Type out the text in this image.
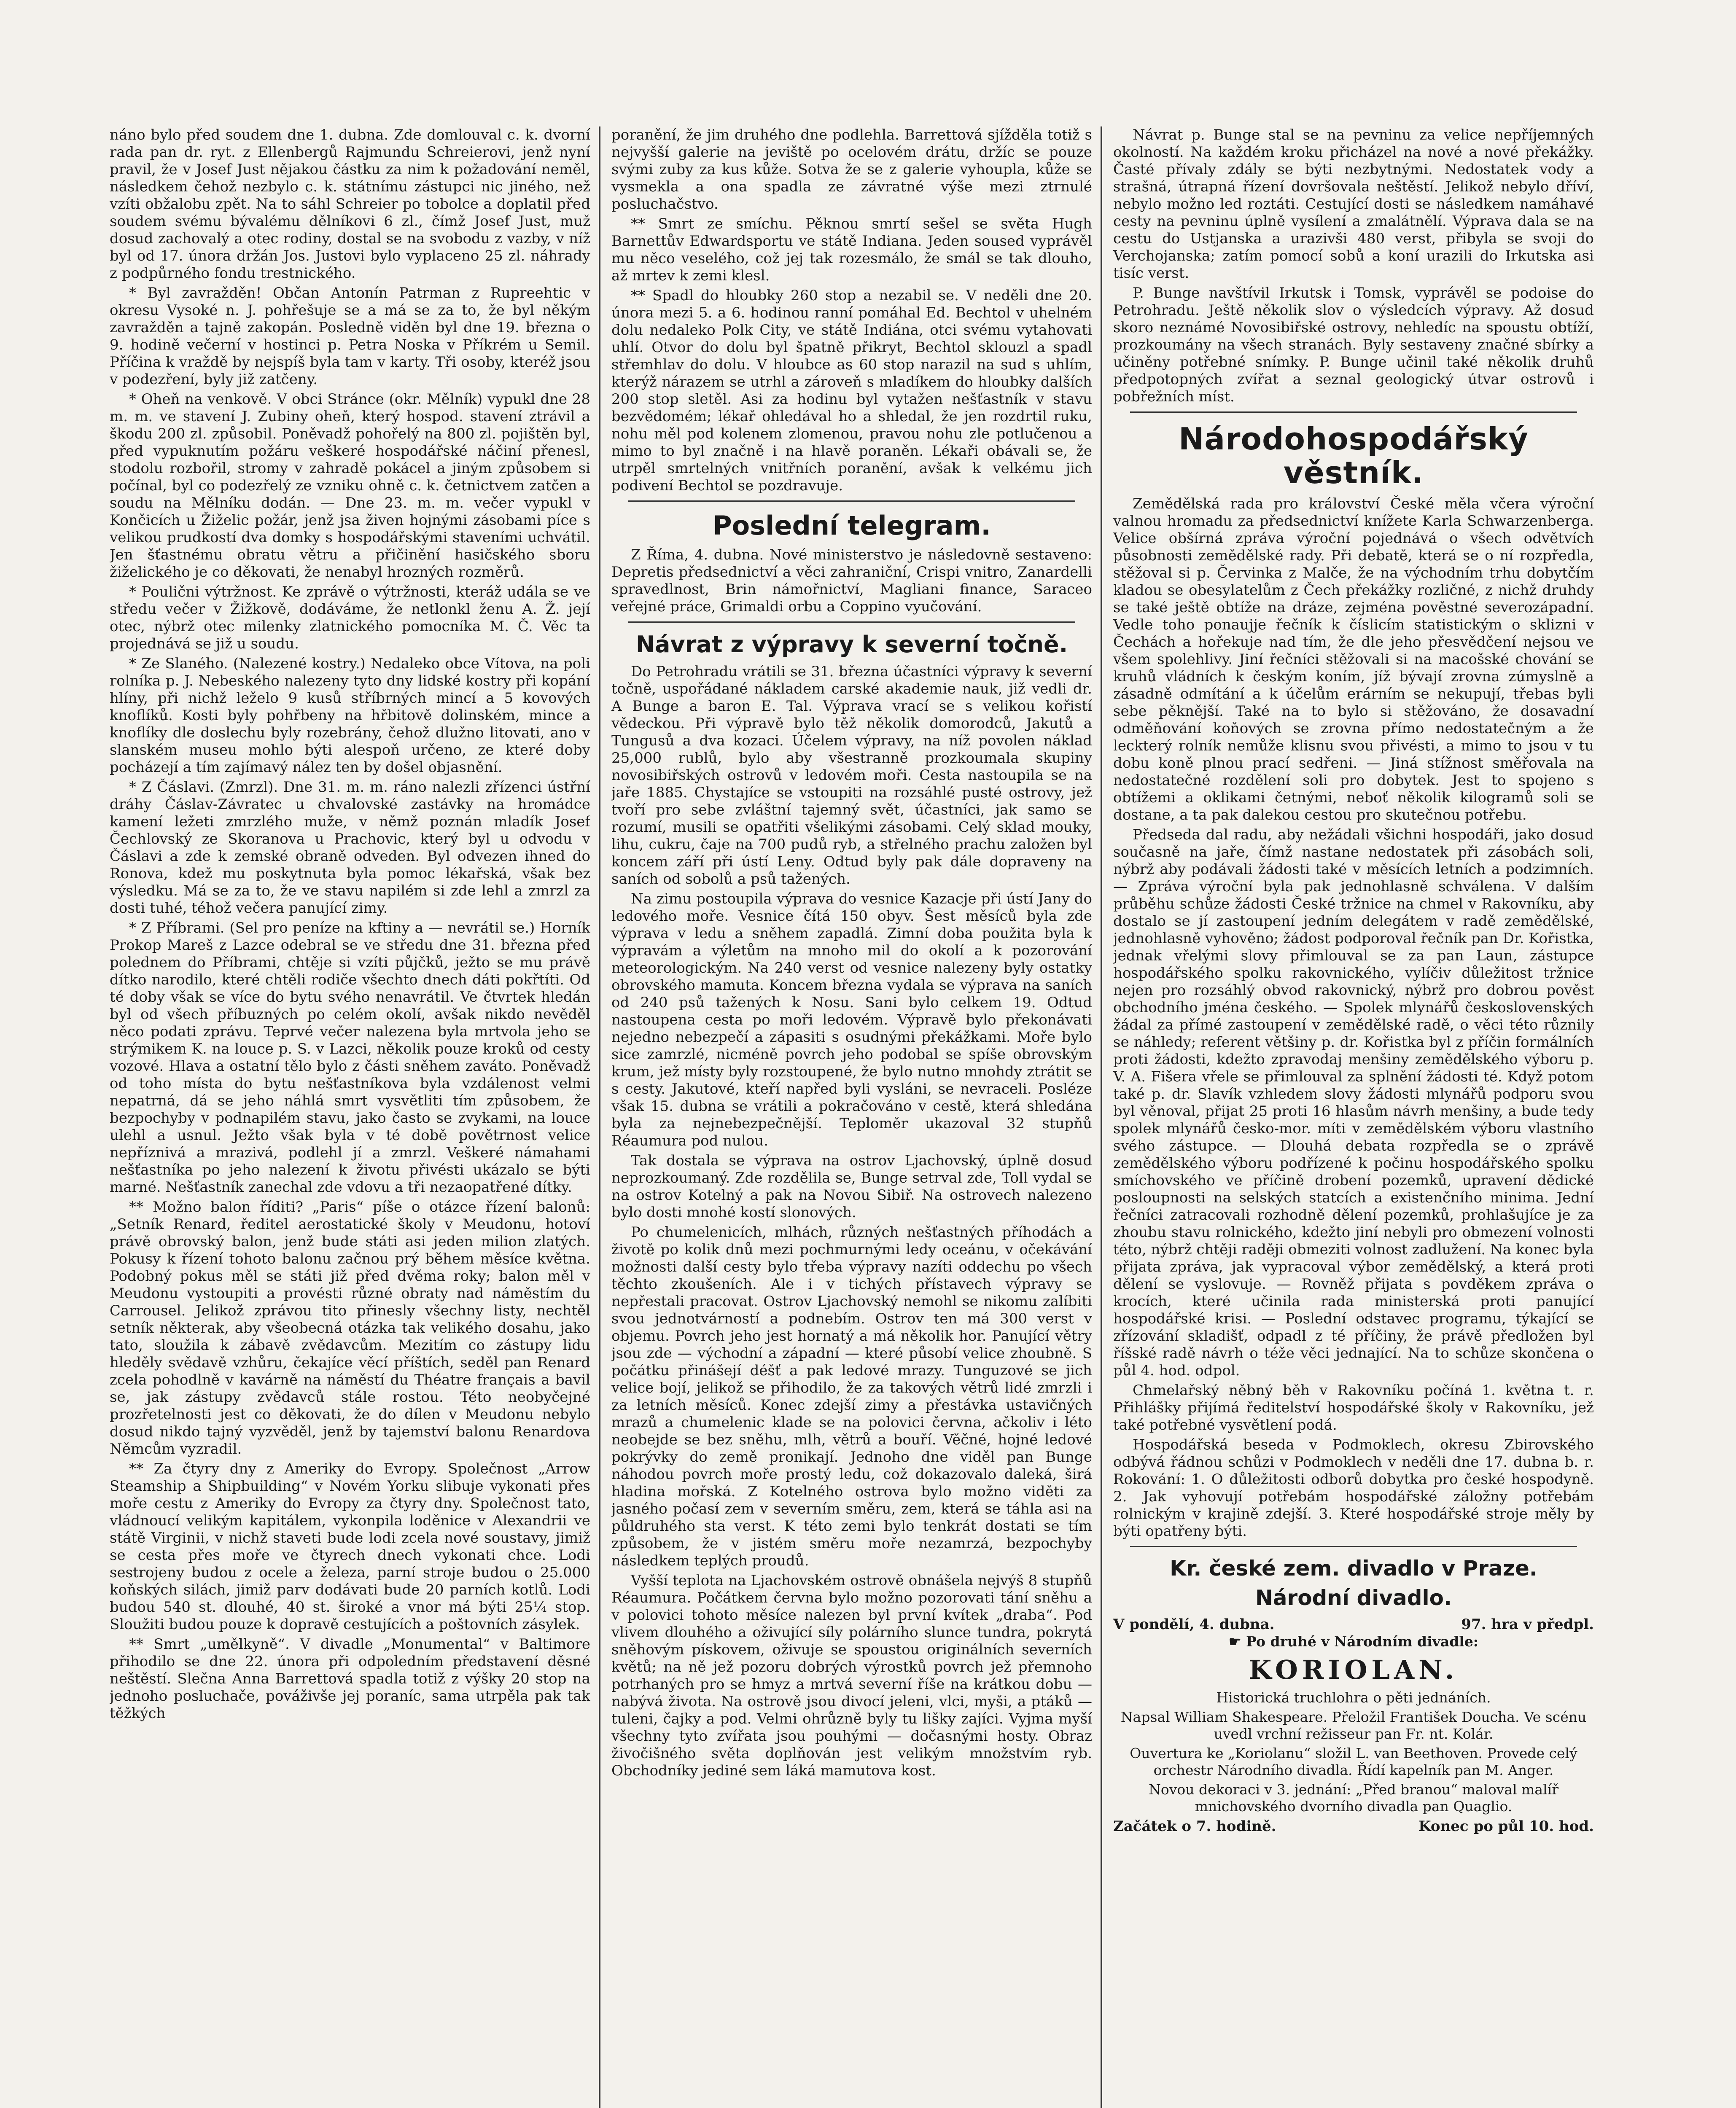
náno bylo před soudem dne 1. dubna. Zde domlouval c. k. dvorní rada pan dr. ryt. z Ellenbergů Rajmundu Schreierovi, jenž nyní pravil, že v Josef Just nějakou částku za nim k požadování neměl, následkem čehož nezbylo c. k. státnímu zástupci nic jiného, než vzíti obžalobu zpět. Na to sáhl Schreier po tobolce a doplatil před soudem svému bývalému dělníkovi 6 zl., čímž Josef Just, muž dosud zachovalý a otec rodiny, dostal se na svobodu z vazby, v níž byl od 17. února držán Jos. Justovi bylo vyplaceno 25 zl. náhrady z podpůrného fondu trestnického.

* Byl zavražděn! Občan Antonín Patrman z Rupreehtic v okresu Vysoké n. J. pohřešuje se a má se za to, že byl někým zavražděn a tajně zakopán. Posledně viděn byl dne 19. března o 9. hodině večerní v hostinci p. Petra Noska v Příkrém u Semil. Příčina k vraždě by nejspíš byla tam v karty. Tři osoby, kteréž jsou v podezření, byly již zatčeny.

* Oheň na venkově. V obci Stránce (okr. Mělník) vypukl dne 28 m. m. ve stavení J. Zubiny oheň, který hospod. stavení ztrávil a škodu 200 zl. způsobil. Poněvadž pohořelý na 800 zl. pojištěn byl, před vypuknutím požáru veškeré hospodářské náčiní přenesl, stodolu rozbořil, stromy v zahradě pokácel a jiným způsobem si počínal, byl co podezřelý ze vzniku ohně c. k. četnictvem zatčen a soudu na Mělníku dodán. — Dne 23. m. m. večer vypukl v Končicích u Žiželic požár, jenž jsa živen hojnými zásobami píce s velikou prudkostí dva domky s hospodářskými staveními uchvátil. Jen šťastnému obratu větru a přičinění hasičského sboru žiželického je co děkovati, že nenabyl hrozných rozměrů.

* Poulični výtržnost. Ke zprávě o výtržnosti, kteráž udála se ve středu večer v Žižkově, dodáváme, že netlonkl ženu A. Ž. její otec, nýbrž otec milenky zlatnického pomocníka M. Č. Věc ta projednává se již u soudu.

* Ze Slaného. (Nalezené kostry.) Nedaleko obce Vítova, na poli rolníka p. J. Nebeského nalezeny tyto dny lidské kostry při kopání hlíny, při nichž leželo 9 kusů stříbrných mincí a 5 kovových knoflíků. Kosti byly pohřbeny na hřbitově dolinském, mince a knoflíky dle doslechu byly rozebrány, čehož dlužno litovati, ano v slanském museu mohlo býti alespoň určeno, ze které doby pocházejí a tím zajímavý nález ten by došel objasnění.

* Z Čáslavi. (Zmrzl). Dne 31. m. m. ráno nalezli zřízenci ústřní dráhy Čáslav-Závratec u chvalovské zastávky na hromádce kamení ležeti zmrzlého muže, v němž poznán mladík Josef Čechlovský ze Skoranova u Prachovic, který byl u odvodu v Čáslavi a zde k zemské obraně odveden. Byl odvezen ihned do Ronova, kdež mu poskytnuta byla pomoc lékařská, však bez výsledku. Má se za to, že ve stavu napilém si zde lehl a zmrzl za dosti tuhé, téhož večera panující zimy.

* Z Příbrami. (Sel pro peníze na kftiny a — nevrátil se.) Horník Prokop Mareš z Lazce odebral se ve středu dne 31. března před polednem do Příbrami, chtěje si vzíti půjčků, ježto se mu právě dítko narodilo, které chtěli rodiče všechto dnech dáti pokřtíti. Od té doby však se více do bytu svého nenavrátil. Ve čtvrtek hledán byl od všech příbuzných po celém okolí, avšak nikdo nevěděl něco podati zprávu. Teprvé večer nalezena byla mrtvola jeho se strýmikem K. na louce p. S. v Lazci, několik pouze kroků od cesty vozové. Hlava a ostatní tělo bylo z části sněhem zaváto. Poněvadž od toho místa do bytu nešťastníkova byla vzdálenost velmi nepatrná, dá se jeho náhlá smrt vysvětliti tím způsobem, že bezpochyby v podnapilém stavu, jako často se zvykami, na louce ulehl a usnul. Ježto však byla v té době povětrnost velice nepříznivá a mrazivá, podlehl jí a zmrzl. Veškeré námahami nešťastníka po jeho nalezení k životu přivésti ukázalo se býti marné. Nešťastník zanechal zde vdovu a tři nezaopatřené dítky.

** Možno balon říditi? „Paris“ píše o otázce řízení balonů: „Setník Renard, ředitel aerostatické školy v Meudonu, hotoví právě obrovský balon, jenž bude státi asi jeden milion zlatých. Pokusy k řízení tohoto balonu začnou prý během měsíce května. Podobný pokus měl se státi již před dvěma roky; balon měl v Meudonu vystoupiti a provésti různé obraty nad náměstím du Carrousel. Jelikož zprávou tito přinesly všechny listy, nechtěl setník některak, aby všeobecná otázka tak velikého dosahu, jako tato, sloužila k zábavě zvědavcům. Mezitím co zástupy lidu hleděly svědavě vzhůru, čekajíce věcí příštích, seděl pan Renard zcela pohodlně v kavárně na náměstí du Théatre français a bavil se, jak zástupy zvědavců stále rostou. Této neobyčejné prozřetelnosti jest co děkovati, že do dílen v Meudonu nebylo dosud nikdo tajný vyzvěděl, jenž by tajemství balonu Renardova Němcům vyzradil.

** Za čtyry dny z Ameriky do Evropy. Společnost „Arrow Steamship a Shipbuilding“ v Novém Yorku slibuje vykonati přes moře cestu z Ameriky do Evropy za čtyry dny. Společnost tato, vládnoucí velikým kapitálem, vykonpila loděnice v Alexandrii ve státě Virginii, v nichž staveti bude lodi zcela nové soustavy, jimiž se cesta přes moře ve čtyrech dnech vykonati chce. Lodi sestrojeny budou z ocele a železa, parní stroje budou o 25.000 koňských silách, jimiž parv dodávati bude 20 parních kotlů. Lodi budou 540 st. dlouhé, 40 st. široké a vnor má býti 25¼ stop. Sloužiti budou pouze k dopravě cestujících a poštovních zásylek.

** Smrt „umělkyně“. V divadle „Monumental“ v Baltimore přihodilo se dne 22. února při odpoledním představení děsné neštěstí. Slečna Anna Barrettová spadla totiž z výšky 20 stop na jednoho posluchače, pováživše jej poraníc, sama utrpěla pak tak těžkých

poranění, že jim druhého dne podlehla. Barrettová sjížděla totiž s nejvyšší galerie na jeviště po ocelovém drátu, držíc se pouze svými zuby za kus kůže. Sotva že se z galerie vyhoupla, kůže se vysmekla a ona spadla ze závratné výše mezi ztrnulé posluchačstvo.

** Smrt ze smíchu. Pěknou smrtí sešel se světa Hugh Barnettův Edwardsportu ve státě Indiana. Jeden soused vyprávěl mu něco veselého, což jej tak rozesmálo, že smál se tak dlouho, až mrtev k zemi klesl.

** Spadl do hloubky 260 stop a nezabil se. V neděli dne 20. února mezi 5. a 6. hodinou ranní pomáhal Ed. Bechtol v uhelném dolu nedaleko Polk City, ve státě Indiána, otci svému vytahovati uhlí. Otvor do dolu byl špatně přikryt, Bechtol sklouzl a spadl střemhlav do dolu. V hloubce as 60 stop narazil na sud s uhlím, kterýž nárazem se utrhl a zároveň s mladíkem do hloubky dalších 200 stop sletěl. Asi za hodinu byl vytažen nešťastník v stavu bezvědomém; lékař ohledával ho a shledal, že jen rozdrtil ruku, nohu měl pod kolenem zlomenou, pravou nohu zle potlučenou a mimo to byl značně i na hlavě poraněn. Lékaři obávali se, že utrpěl smrtelných vnitřních poranění, avšak k velkému jich podivení Bechtol se pozdravuje.

Poslední telegram.

Z Říma, 4. dubna. Nové ministerstvo je následovně sestaveno: Depretis předsednictví a věci zahraniční, Crispi vnitro, Zanardelli spravedlnost, Brin námořnictví, Magliani finance, Saraceo veřejné práce, Grimaldi orbu a Coppino vyučování.

Návrat z výpravy k severní točně.

Do Petrohradu vrátili se 31. března účastníci výpravy k severní točně, uspořádané nákladem carské akademie nauk, již vedli dr. A Bunge a baron E. Tal. Výprava vrací se s velikou kořistí vědeckou. Při výpravě bylo těž několik domorodců, Jakutů a Tungusů a dva kozaci. Účelem výpravy, na níž povolen náklad 25,000 rublů, bylo aby všestranně prozkoumala skupiny novosibiřských ostrovů v ledovém moři. Cesta nastoupila se na jaře 1885. Chystajíce se vstoupiti na rozsáhlé pusté ostrovy, jež tvoří pro sebe zvláštní tajemný svět, účastníci, jak samo se rozumí, musili se opatřiti všelikými zásobami. Celý sklad mouky, lihu, cukru, čaje na 700 pudů ryb, a střelného prachu založen byl koncem září při ústí Leny. Odtud byly pak dále dopraveny na saních od sobolů a psů tažených.

Na zimu postoupila výprava do vesnice Kazacje při ústí Jany do ledového moře. Vesnice čítá 150 obyv. Šest měsíců byla zde výprava v ledu a sněhem zapadlá. Zimní doba použita byla k výpravám a výletům na mnoho mil do okolí a k pozorování meteorologickým. Na 240 verst od vesnice nalezeny byly ostatky obrovského mamuta. Koncem března vydala se výprava na saních od 240 psů tažených k Nosu. Sani bylo celkem 19. Odtud nastoupena cesta po moři ledovém. Výpravě bylo překonávati nejedno nebezpečí a zápasiti s osudnými překážkami. Moře bylo sice zamrzlé, nicméně povrch jeho podobal se spíše obrovským krum, jež místy byly rozstoupené, že bylo nutno mnohdy ztrátit se s cesty. Jakutové, kteří napřed byli vysláni, se nevraceli. Posléze však 15. dubna se vrátili a pokračováno v cestě, která shledána byla za nejnebezpečnější. Teploměr ukazoval 32 stupňů Réaumura pod nulou.

Tak dostala se výprava na ostrov Ljachovský, úplně dosud neprozkoumaný. Zde rozdělila se, Bunge setrval zde, Toll vydal se na ostrov Kotelný a pak na Novou Sibiř. Na ostrovech nalezeno bylo dosti mnohé kostí slonových.

Po chumelenicích, mlhách, různých nešťastných příhodách a životě po kolik dnů mezi pochmurnými ledy oceánu, v očekávání možnosti další cesty bylo třeba výpravy nazíti oddechu po všech těchto zkoušeních. Ale i v tichých přístavech výpravy se nepřestali pracovat. Ostrov Ljachovský nemohl se nikomu zalíbiti svou jednotvárností a podnebím. Ostrov ten má 300 verst v objemu. Povrch jeho jest hornatý a má několik hor. Panující větry jsou zde — východní a západní — které působí velice zhoubně. S počátku přinášejí déšť a pak ledové mrazy. Tunguzové se jich velice bojí, jelikož se přihodilo, že za takových větrů lidé zmrzli i za letních měsíců. Konec zdejší zimy a přestávka ustavičných mrazů a chumelenic klade se na polovici června, ačkoliv i léto neobejde se bez sněhu, mlh, větrů a bouří. Věčné, hojné ledové pokrývky do země pronikají. Jednoho dne viděl pan Bunge náhodou povrch moře prostý ledu, což dokazovalo daleká, širá hladina mořská. Z Kotelného ostrova bylo možno viděti za jasného počasí zem v severním směru, zem, která se táhla asi na půldruhého sta verst. K této zemi bylo tenkrát dostati se tím způsobem, že v jistém směru moře nezamrzá, bezpochyby následkem teplých proudů.

Vyšší teplota na Ljachovském ostrově obnášela nejvýš 8 stupňů Réaumura. Počátkem června bylo možno pozorovati tání sněhu a v polovici tohoto měsíce nalezen byl první kvítek „draba“. Pod vlivem dlouhého a oživující síly polárního slunce tundra, pokrytá sněhovým pískovem, oživuje se spoustou originálních severních květů; na ně jež pozoru dobrých výrostků povrch jež přemnoho potrhaných pro se hmyz a mrtvá severní říše na krátkou dobu — nabývá života. Na ostrově jsou divocí jeleni, vlci, myši, a ptáků — tuleni, čajky a pod. Velmi ohrůzně byly tu lišky zajíci. Vyjma myší všechny tyto zvířata jsou pouhými — dočasnými hosty. Obraz živočišného světa doplňován jest velikým množstvím ryb. Obchodníky jediné sem láká mamutova kost.

Návrat p. Bunge stal se na pevninu za velice nepříjemných okolností. Na každém kroku přicházel na nové a nové překážky. Časté přívaly zdály se býti nezbytnými. Nedostatek vody a strašná, útrapná řízení dovršovala neštěstí. Jelikož nebylo dříví, nebylo možno led roztáti. Cestující dosti se následkem namáhavé cesty na pevninu úplně vysílení a zmalátnělí. Výprava dala se na cestu do Ustjanska a urazivši 480 verst, přibyla se svoji do Verchojanska; zatím pomocí sobů a koní urazili do Irkutska asi tisíc verst.

P. Bunge navštívil Irkutsk i Tomsk, vyprávěl se podoise do Petrohradu. Ještě několik slov o výsledcích výpravy. Až dosud skoro neznámé Novosibiřské ostrovy, nehledíc na spoustu obtíží, prozkoumány na všech stranách. Byly sestaveny značné sbírky a učiněny potřebné snímky. P. Bunge učinil také několik druhů předpotopných zvířat a seznal geologický útvar ostrovů i pobřežních míst.

Národohospodářský věstník.

Zemědělská rada pro království České měla včera výroční valnou hromadu za předsednictví knížete Karla Schwarzenberga. Velice obšírná zpráva výroční pojednává o všech odvětvích působnosti zemědělské rady. Při debatě, která se o ní rozpředla, stěžoval si p. Červinka z Malče, že na východním trhu dobytčím kladou se obesylatelům z Čech překážky rozličné, z nichž druhdy se také ještě obtíže na dráze, zejména pověstné severozápadní. Vedle toho ponaujje řečník k číslicím statistickým o sklizni v Čechách a hořekuje nad tím, že dle jeho přesvědčení nejsou ve všem spolehlivy. Jiní řečníci stěžovali si na macošské chování se kruhů vládních k českým koním, jíž bývají zrovna zúmyslně a zásadně odmítání a k účelům erárním se nekupují, třebas byli sebe pěknější. Také na to bylo si stěžováno, že dosavadní odměňování koňových se zrovna přímo nedostatečným a že leckterý rolník nemůže klisnu svou přivésti, a mimo to jsou v tu dobu koně plnou prací sedřeni. — Jiná stížnost směřovala na nedostatečné rozdělení soli pro dobytek. Jest to spojeno s obtížemi a oklikami četnými, neboť několik kilogramů soli se dostane, a ta pak dalekou cestou pro skutečnou potřebu.

Předseda dal radu, aby nežádali všichni hospodáři, jako dosud současně na jaře, čímž nastane nedostatek při zásobách soli, nýbrž aby podávali žádosti také v měsících letních a podzimních. — Zpráva výroční byla pak jednohlasně schválena. V dalším průběhu schůze žádosti České tržnice na chmel v Rakovníku, aby dostalo se jí zastoupení jedním delegátem v radě zemědělské, jednohlasně vyhověno; žádost podporoval řečník pan Dr. Kořistka, jednak vřelými slovy přimlouval se za pan Laun, zástupce hospodářského spolku rakovnického, vylíčiv důležitost tržnice nejen pro rozsáhlý obvod rakovnický, nýbrž pro dobrou pověst obchodního jména českého. — Spolek mlynářů československých žádal za přímé zastoupení v zemědělské radě, o věci této různily se náhledy; referent většiny p. dr. Kořistka byl z příčin formálních proti žádosti, kdežto zpravodaj menšiny zemědělského výboru p. V. A. Fišera vřele se přimlouval za splnění žádosti té. Když potom také p. dr. Slavík vzhledem slovy žádosti mlynářů podporu svou byl věnoval, přijat 25 proti 16 hlasům návrh menšiny, a bude tedy spolek mlynářů česko-mor. míti v zemědělském výboru vlastního svého zástupce. — Dlouhá debata rozpředla se o zprávě zemědělského výboru podřízené k počinu hospodářského spolku smíchovského ve příčině drobení pozemků, upravení dědické posloupnosti na selských statcích a existenčního minima. Jední řečníci zatracovali rozhodně dělení pozemků, prohlašujíce je za zhoubu stavu rolnického, kdežto jiní nebyli pro obmezení volnosti této, nýbrž chtěji raději obmeziti volnost zadlužení. Na konec byla přijata zpráva, jak vypracoval výbor zemědělský, a která proti dělení se vyslovuje. — Rovněž přijata s povděkem zpráva o krocích, které učinila rada ministerská proti panující hospodářské krisi. — Poslední odstavec programu, týkající se zřízování skladišť, odpadl z té příčiny, že právě předložen byl říšské radě návrh o téže věci jednající. Na to schůze skončena o půl 4. hod. odpol.

Chmelařský něbný běh v Rakovníku počíná 1. května t. r. Přihlášky přijímá ředitelství hospodářské školy v Rakovníku, jež také potřebné vysvětlení podá.

Hospodářská beseda v Podmoklech, okresu Zbirovského odbývá řádnou schůzi v Podmoklech v neděli dne 17. dubna b. r. Rokování: 1. O důležitosti odborů dobytka pro české hospodyně. 2. Jak vyhovují potřebám hospodářské záložny potřebám rolnickým v krajině zdejší. 3. Které hospodářské stroje měly by býti opatřeny býti.

Kr. české zem. divadlo v Praze.
Národní divadlo.
V pondělí, 4. dubna.	97. hra v předpl.

☛ Po druhé v Národním divadle:

KORIOLAN.

Historická truchlohra o pěti jednáních.

Napsal William Shakespeare. Přeložil František Doucha. Ve scénu uvedl vrchní režisseur pan Fr. nt. Kolár.

Ouvertura ke „Koriolanu“ složil L. van Beethoven. Provede celý orchestr Národního divadla. Řídí kapelník pan M. Anger.

Novou dekoraci v 3. jednání: „Před branou“ maloval malíř mnichovského dvorního divadla pan Quaglio.

Začátek o 7. hodině.	Konec po půl 10. hod.
